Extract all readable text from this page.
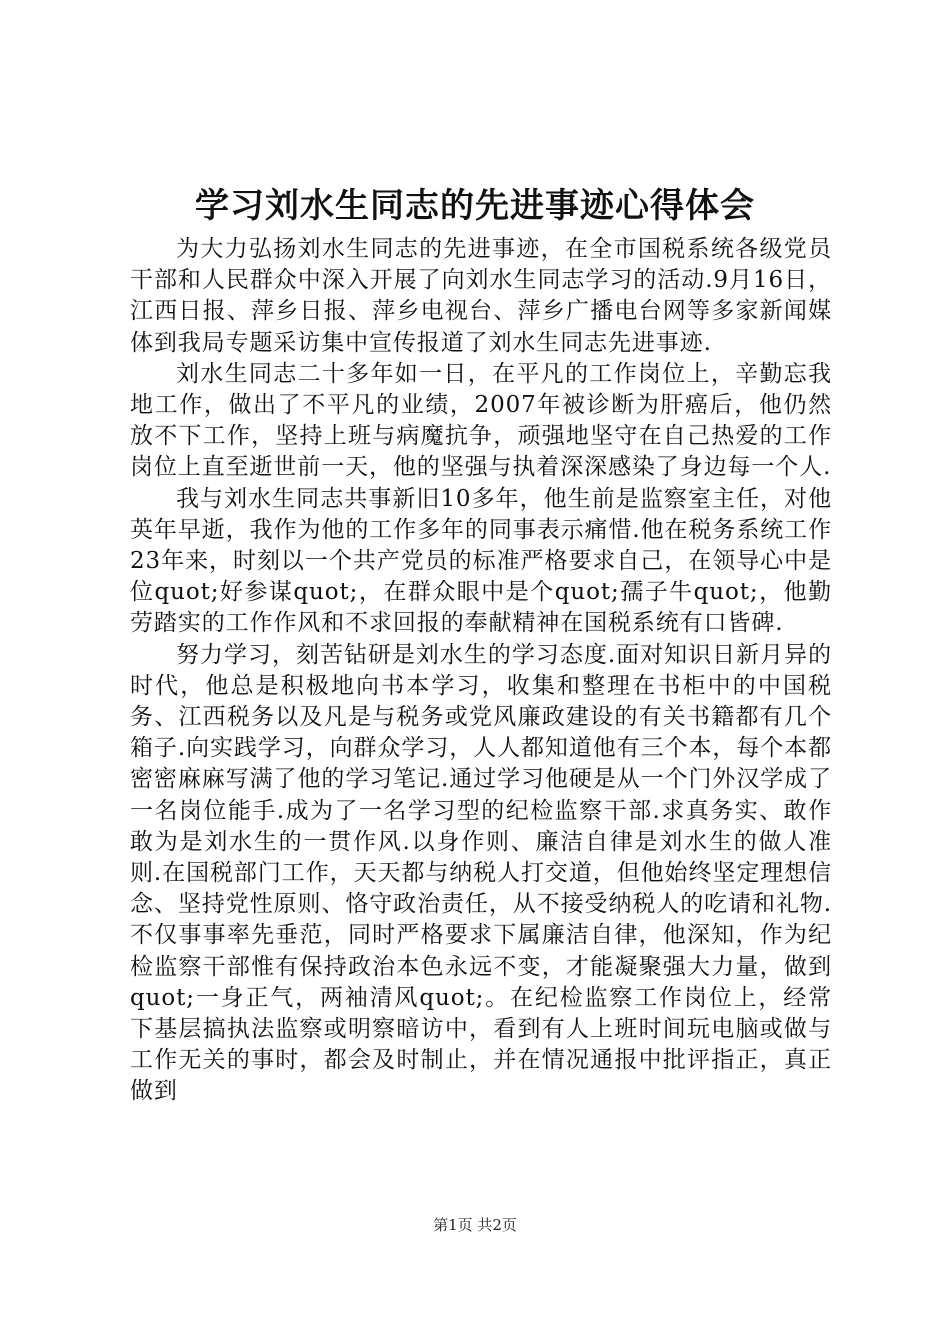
学习刘水生同志的先进事迹心得体会

为大力弘扬刘水生同志的先进事迹，在全市国税系统各级党员干部和人民群众中深入开展了向刘水生同志学习的活动.9月16日，江西日报、萍乡日报、萍乡电视台、萍乡广播电台网等多家新闻媒体到我局专题采访集中宣传报道了刘水生同志先进事迹.

刘水生同志二十多年如一日，在平凡的工作岗位上，辛勤忘我地工作，做出了不平凡的业绩，2007年被诊断为肝癌后，他仍然放不下工作，坚持上班与病魔抗争，顽强地坚守在自己热爱的工作岗位上直至逝世前一天，他的坚强与执着深深感染了身边每一个人.

我与刘水生同志共事新旧10多年，他生前是监察室主任，对他英年早逝，我作为他的工作多年的同事表示痛惜.他在税务系统工作23年来，时刻以一个共产党员的标准严格要求自己，在领导心中是位quot;好参谋quot;，在群众眼中是个quot;孺子牛quot;，他勤劳踏实的工作作风和不求回报的奉献精神在国税系统有口皆碑.

努力学习，刻苦钻研是刘水生的学习态度.面对知识日新月异的时代，他总是积极地向书本学习，收集和整理在书柜中的中国税务、江西税务以及凡是与税务或党风廉政建设的有关书籍都有几个箱子.向实践学习，向群众学习，人人都知道他有三个本，每个本都密密麻麻写满了他的学习笔记.通过学习他硬是从一个门外汉学成了一名岗位能手.成为了一名学习型的纪检监察干部.求真务实、敢作敢为是刘水生的一贯作风.以身作则、廉洁自律是刘水生的做人准则.在国税部门工作，天天都与纳税人打交道，但他始终坚定理想信念、坚持党性原则、恪守政治责任，从不接受纳税人的吃请和礼物.不仅事事率先垂范，同时严格要求下属廉洁自律，他深知，作为纪检监察干部惟有保持政治本色永远不变，才能凝聚强大力量，做到quot;一身正气，两袖清风quot;。在纪检监察工作岗位上，经常下基层搞执法监察或明察暗访中，看到有人上班时间玩电脑或做与工作无关的事时，都会及时制止，并在情况通报中批评指正，真正做到

第1页 共2页
